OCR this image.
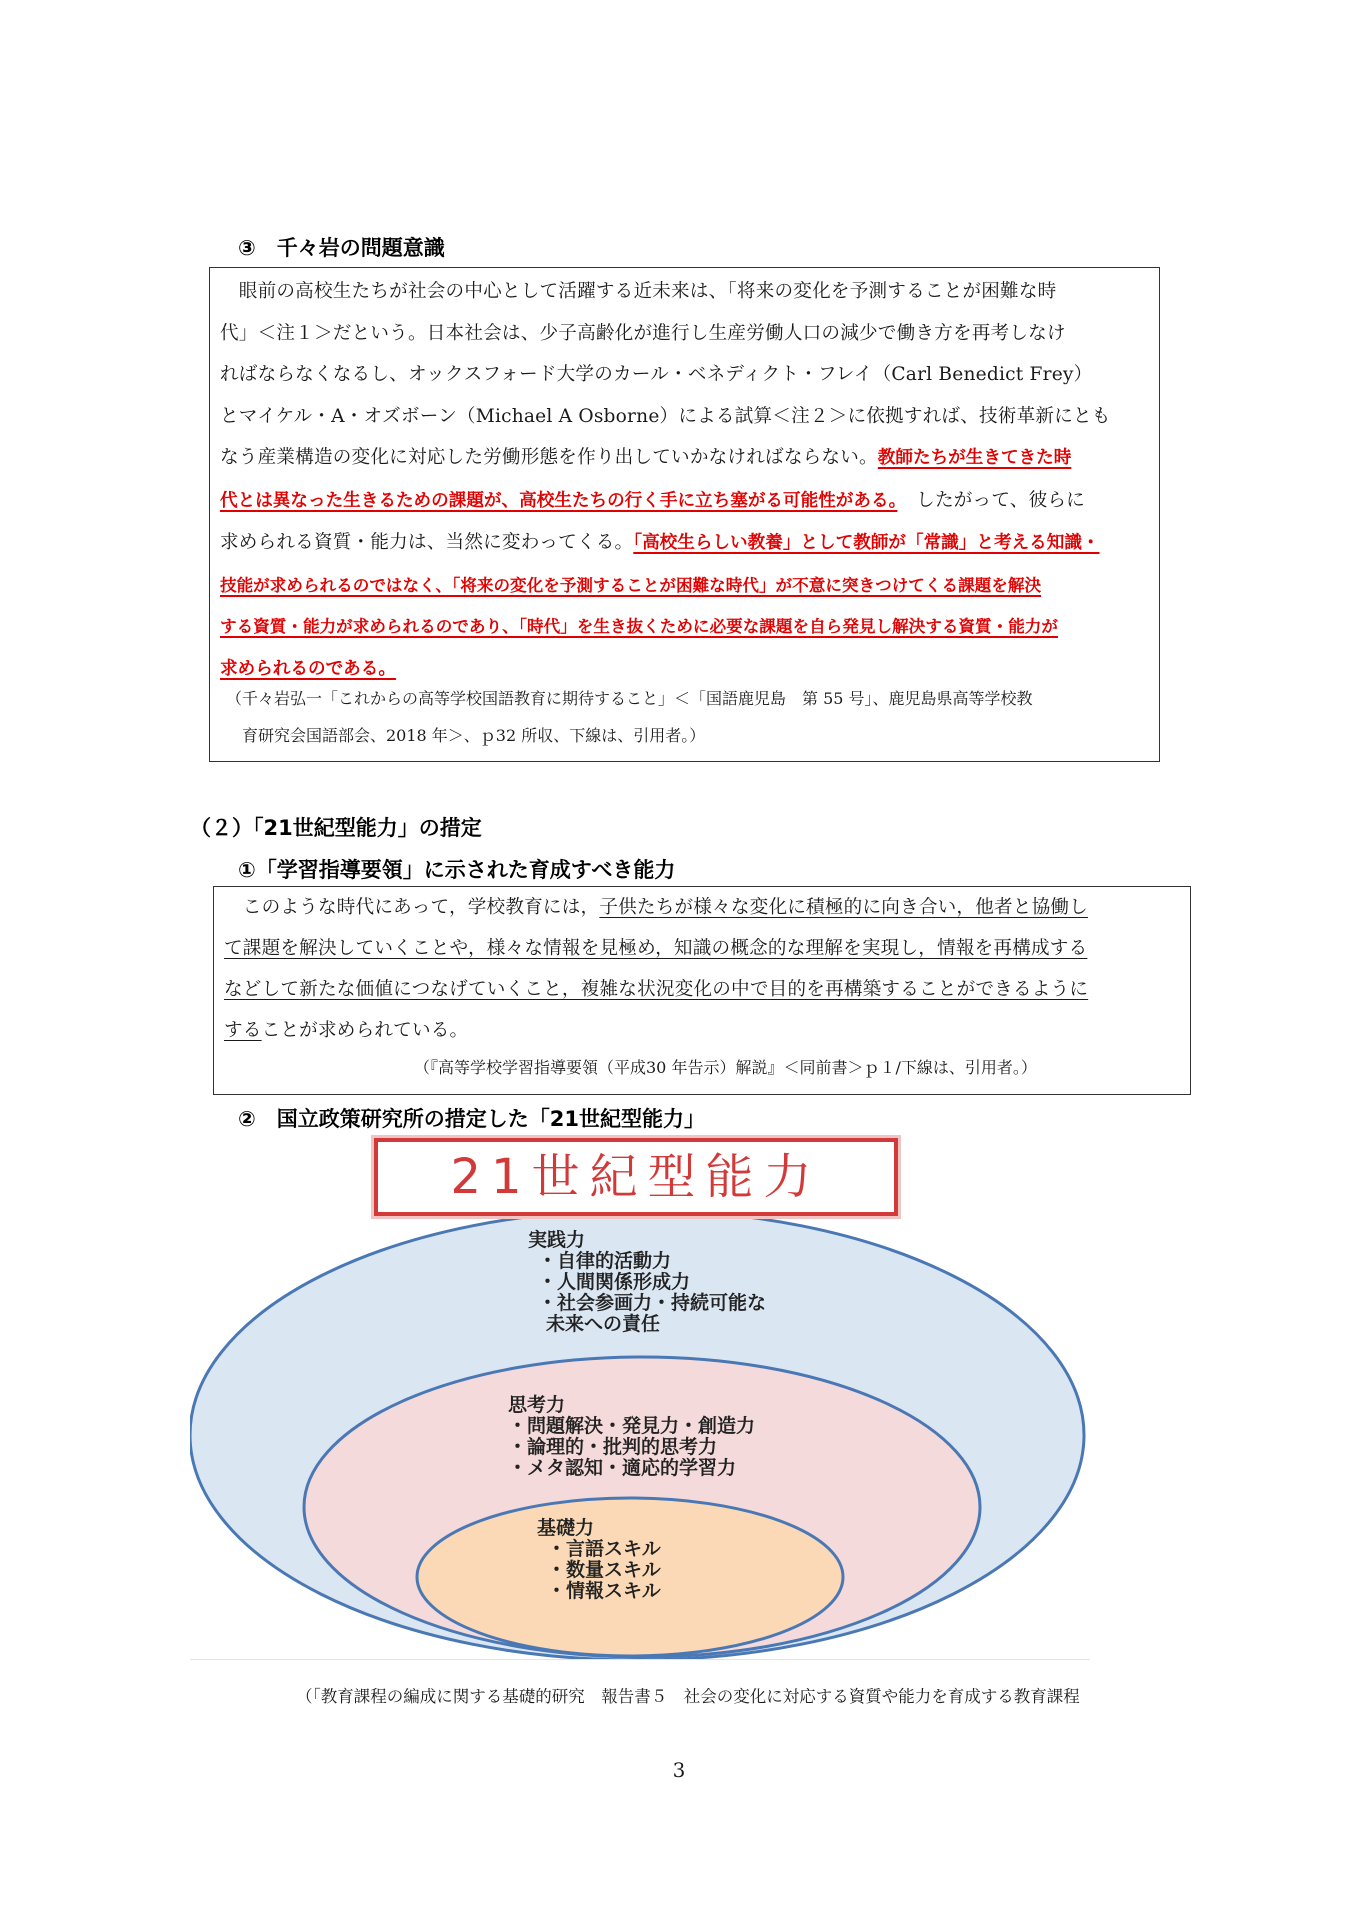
③　千々岩の問題意識
　眼前の高校生たちが社会の中心として活躍する近未来は、「将来の変化を予測することが困難な時
代」＜注１＞だという。日本社会は、少子高齢化が進行し生産労働人口の減少で働き方を再考しなけ
ればならなくなるし、オックスフォード大学のカール・ベネディクト・フレイ（Carl Benedict Frey）
とマイケル・A・オズボーン（Michael A Osborne）による試算＜注２＞に依拠すれば、技術革新にとも
なう産業構造の変化に対応した労働形態を作り出していかなければならない。教師たちが生きてきた時
代とは異なった生きるための課題が、高校生たちの行く手に立ち塞がる可能性がある。　 したがって、彼らに
求められる資質・能力は、当然に変わってくる。「高校生らしい教養」として教師が「常識」と考える知識・
技能が求められるのではなく、「将来の変化を予測することが困難な時代」が不意に突きつけてくる課題を解決
する資質・能力が求められるのであり、「時代」を生き抜くために必要な課題を自ら発見し解決する資質・能力が
求められるのである。
（千々岩弘一「これからの高等学校国語教育に期待すること」＜「国語鹿児島　第 55 号」、鹿児島県高等学校教
　育研究会国語部会、2018 年＞、ｐ32 所収、下線は、引用者。）
（２）「21世紀型能力」の措定
①「学習指導要領」に示された育成すべき能力
　このような時代にあって，学校教育には，子供たちが様々な変化に積極的に向き合い，他者と協働し
て課題を解決していくことや，様々な情報を見極め，知識の概念的な理解を実現し，情報を再構成する
などして新たな価値につなげていくこと，複雑な状況変化の中で目的を再構築することができるように
することが求められている。
（『高等学校学習指導要領（平成30 年告示）解説』＜同前書＞ｐ１/下線は、引用者。）
②　国立政策研究所の措定した「21世紀型能力」
21世紀型能力
実践力
・自律的活動力
・人間関係形成力
・社会参画力・持続可能な
未来への責任
思考力
・問題解決・発見力・創造力
・論理的・批判的思考力
・メタ認知・適応的学習力
基礎力
・言語スキル
・数量スキル
・情報スキル
（「教育課程の編成に関する基礎的研究　報告書５　社会の変化に対応する資質や能力を育成する教育課程
3
